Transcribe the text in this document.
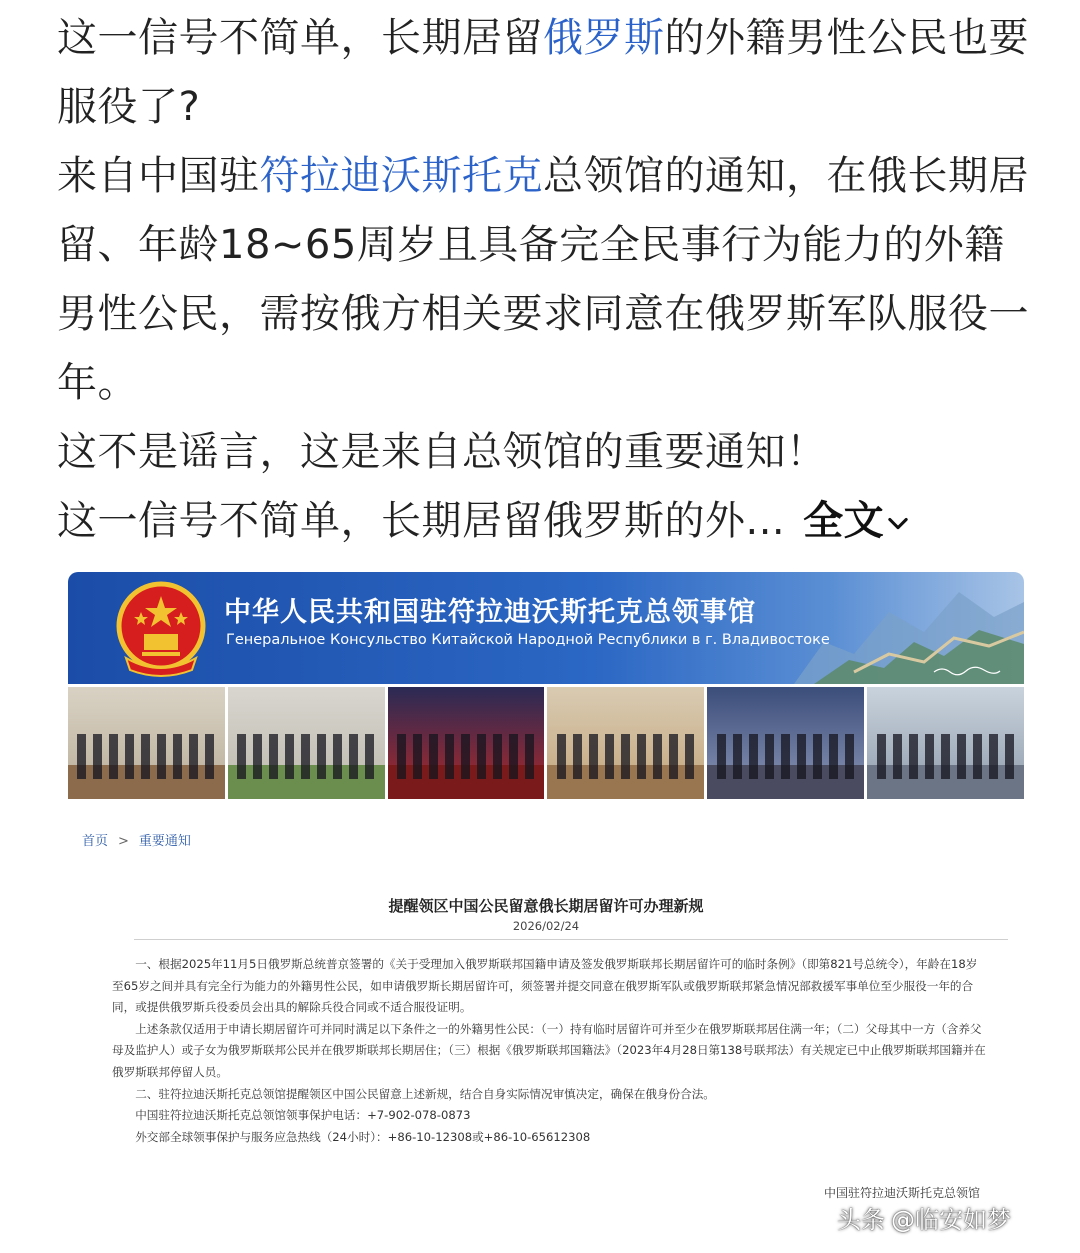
这一信号不简单，长期居留俄罗斯的外籍男性公民也要服役了?

来自中国驻符拉迪沃斯托克总领馆的通知，在俄长期居留、年龄18~65周岁且具备完全民事行为能力的外籍男性公民，需按俄方相关要求同意在俄罗斯军队服役一年。

这不是谣言，这是来自总领馆的重要通知！

这一信号不简单，长期居留俄罗斯的外... 全文

中华人民共和国驻符拉迪沃斯托克总领事馆
Генеральное Консульство Китайской Народной Республики в г. Владивостоке
首页 > 重要通知
提醒领区中国公民留意俄长期居留许可办理新规
2026/02/24

一、根据2025年11月5日俄罗斯总统普京签署的《关于受理加入俄罗斯联邦国籍申请及签发俄罗斯联邦长期居留许可的临时条例》（即第821号总统令），年龄在18岁至65岁之间并具有完全行为能力的外籍男性公民，如申请俄罗斯长期居留许可，须签署并提交同意在俄罗斯军队或俄罗斯联邦紧急情况部救援军事单位至少服役一年的合同，或提供俄罗斯兵役委员会出具的解除兵役合同或不适合服役证明。

上述条款仅适用于申请长期居留许可并同时满足以下条件之一的外籍男性公民：（一）持有临时居留许可并至少在俄罗斯联邦居住满一年；（二）父母其中一方（含养父母及监护人）或子女为俄罗斯联邦公民并在俄罗斯联邦长期居住；（三）根据《俄罗斯联邦国籍法》（2023年4月28日第138号联邦法）有关规定已中止俄罗斯联邦国籍并在俄罗斯联邦停留人员。

二、驻符拉迪沃斯托克总领馆提醒领区中国公民留意上述新规，结合自身实际情况审慎决定，确保在俄身份合法。

中国驻符拉迪沃斯托克总领馆领事保护电话：+7-902-078-0873

外交部全球领事保护与服务应急热线（24小时）：+86-10-12308或+86-10-65612308

中国驻符拉迪沃斯托克总领馆
头条 @临安如梦
